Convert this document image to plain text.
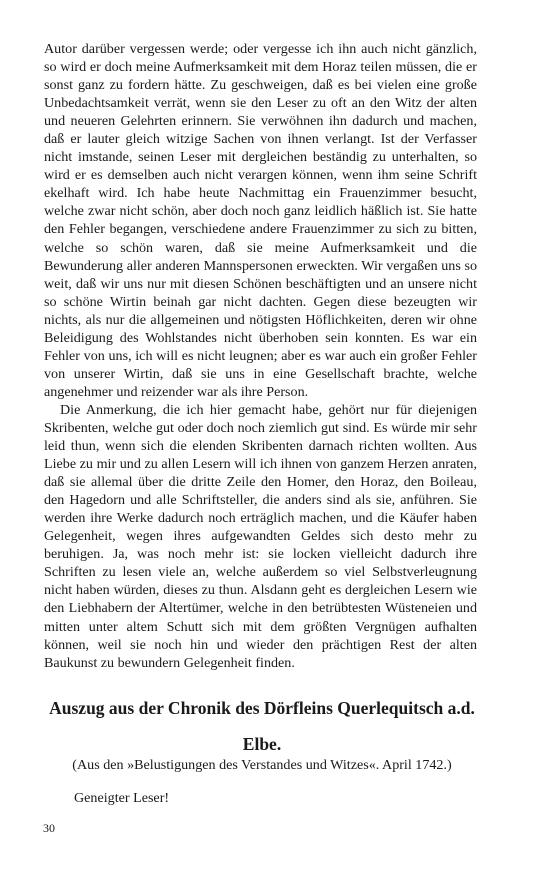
Autor darüber vergessen werde; oder vergesse ich ihn auch nicht gänzlich, so wird er doch meine Aufmerksamkeit mit dem Horaz teilen müssen, die er sonst ganz zu fordern hätte. Zu geschweigen, daß es bei vielen eine große Unbedachtsamkeit verrät, wenn sie den Leser zu oft an den Witz der alten und neueren Gelehrten erinnern. Sie verwöhnen ihn dadurch und machen, daß er lauter gleich witzige Sachen von ihnen verlangt. Ist der Verfasser nicht imstande, seinen Leser mit dergleichen beständig zu unterhalten, so wird er es demselben auch nicht verargen können, wenn ihm seine Schrift ekelhaft wird. Ich habe heute Nachmittag ein Frauenzimmer besucht, welche zwar nicht schön, aber doch noch ganz leidlich häßlich ist. Sie hatte den Fehler begangen, verschiedene andere Frauenzimmer zu sich zu bitten, welche so schön waren, daß sie meine Aufmerksamkeit und die Bewunderung aller anderen Mannspersonen erweckten. Wir vergaßen uns so weit, daß wir uns nur mit diesen Schönen beschäftigten und an unsere nicht so schöne Wirtin beinah gar nicht dachten. Gegen diese bezeugten wir nichts, als nur die allgemeinen und nötigsten Höflichkeiten, deren wir ohne Beleidigung des Wohlstandes nicht überhoben sein konnten. Es war ein Fehler von uns, ich will es nicht leugnen; aber es war auch ein großer Fehler von unserer Wirtin, daß sie uns in eine Gesellschaft brachte, welche angenehmer und reizender war als ihre Person.

Die Anmerkung, die ich hier gemacht habe, gehört nur für diejenigen Skribenten, welche gut oder doch noch ziemlich gut sind. Es würde mir sehr leid thun, wenn sich die elenden Skribenten darnach richten wollten. Aus Liebe zu mir und zu allen Lesern will ich ihnen von ganzem Herzen anraten, daß sie allemal über die dritte Zeile den Homer, den Horaz, den Boileau, den Hagedorn und alle Schriftsteller, die anders sind als sie, anführen. Sie werden ihre Werke dadurch noch erträglich machen, und die Käufer haben Gelegenheit, wegen ihres aufgewandten Geldes sich desto mehr zu beruhigen. Ja, was noch mehr ist: sie locken vielleicht dadurch ihre Schriften zu lesen viele an, welche außerdem so viel Selbstverleugnung nicht haben würden, dieses zu thun. Alsdann geht es dergleichen Lesern wie den Liebhabern der Altertümer, welche in den betrübtesten Wüsteneien und mitten unter altem Schutt sich mit dem größten Vergnügen aufhalten können, weil sie noch hin und wieder den prächtigen Rest der alten Baukunst zu bewundern Gelegenheit finden.

Auszug aus der Chronik des Dörfleins Querlequitsch a.d. Elbe.
(Aus den »Belustigungen des Verstandes und Witzes«. April 1742.)
Geneigter Leser!
30
